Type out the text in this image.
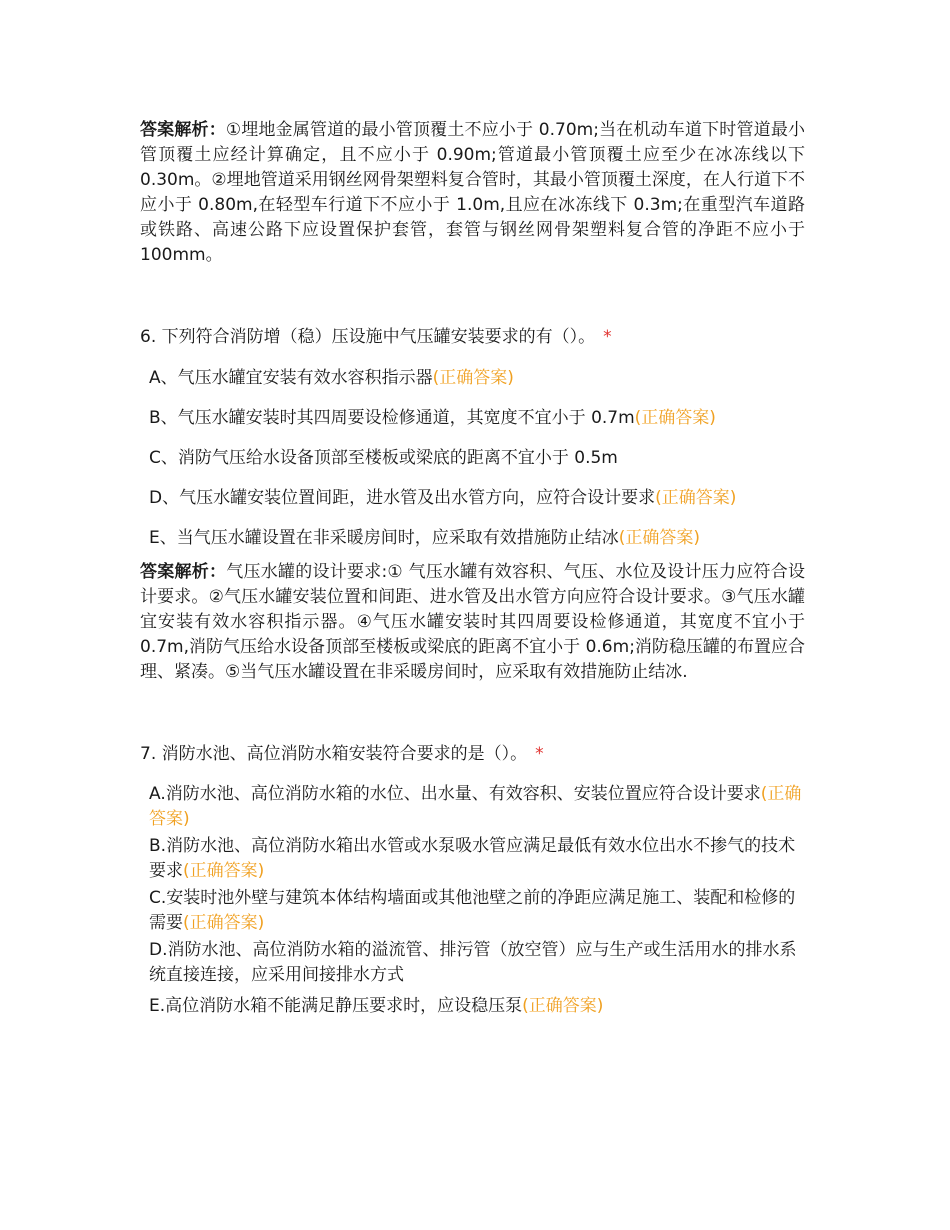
答案解析：①埋地金属管道的最小管顶覆土不应小于 0.70m;当在机动车道下时管道最小管顶覆土应经计算确定，且不应小于 0.90m;管道最小管顶覆土应至少在冰冻线以下 0.30m。②埋地管道采用钢丝网骨架塑料复合管时，其最小管顶覆土深度，在人行道下不应小于 0.80m,在轻型车行道下不应小于 1.0m,且应在冰冻线下 0.3m;在重型汽车道路或铁路、高速公路下应设置保护套管，套管与钢丝网骨架塑料复合管的净距不应小于 100mm。

6. 下列符合消防增（稳）压设施中气压罐安装要求的有（）。 *

A、气压水罐宜安装有效水容积指示器(正确答案)
B、气压水罐安装时其四周要设检修通道，其宽度不宜小于 0.7m(正确答案)
C、消防气压给水设备顶部至楼板或梁底的距离不宜小于 0.5m
D、气压水罐安装位置间距，进水管及出水管方向，应符合设计要求(正确答案)
E、当气压水罐设置在非采暖房间时，应采取有效措施防止结冰(正确答案)

答案解析：气压水罐的设计要求:① 气压水罐有效容积、气压、水位及设计压力应符合设计要求。②气压水罐安装位置和间距、进水管及出水管方向应符合设计要求。③气压水罐宜安装有效水容积指示器。④气压水罐安装时其四周要设检修通道，其宽度不宜小于 0.7m,消防气压给水设备顶部至楼板或梁底的距离不宜小于 0.6m;消防稳压罐的布置应合理、紧凑。⑤当气压水罐设置在非采暖房间时，应采取有效措施防止结冰.

7. 消防水池、高位消防水箱安装符合要求的是（）。 *

A.消防水池、高位消防水箱的水位、出水量、有效容积、安装位置应符合设计要求(正确答案)
B.消防水池、高位消防水箱出水管或水泵吸水管应满足最低有效水位出水不掺气的技术要求(正确答案)
C.安装时池外壁与建筑本体结构墙面或其他池壁之前的净距应满足施工、装配和检修的需要(正确答案)
D.消防水池、高位消防水箱的溢流管、排污管（放空管）应与生产或生活用水的排水系统直接连接，应采用间接排水方式
E.高位消防水箱不能满足静压要求时，应设稳压泵(正确答案)
